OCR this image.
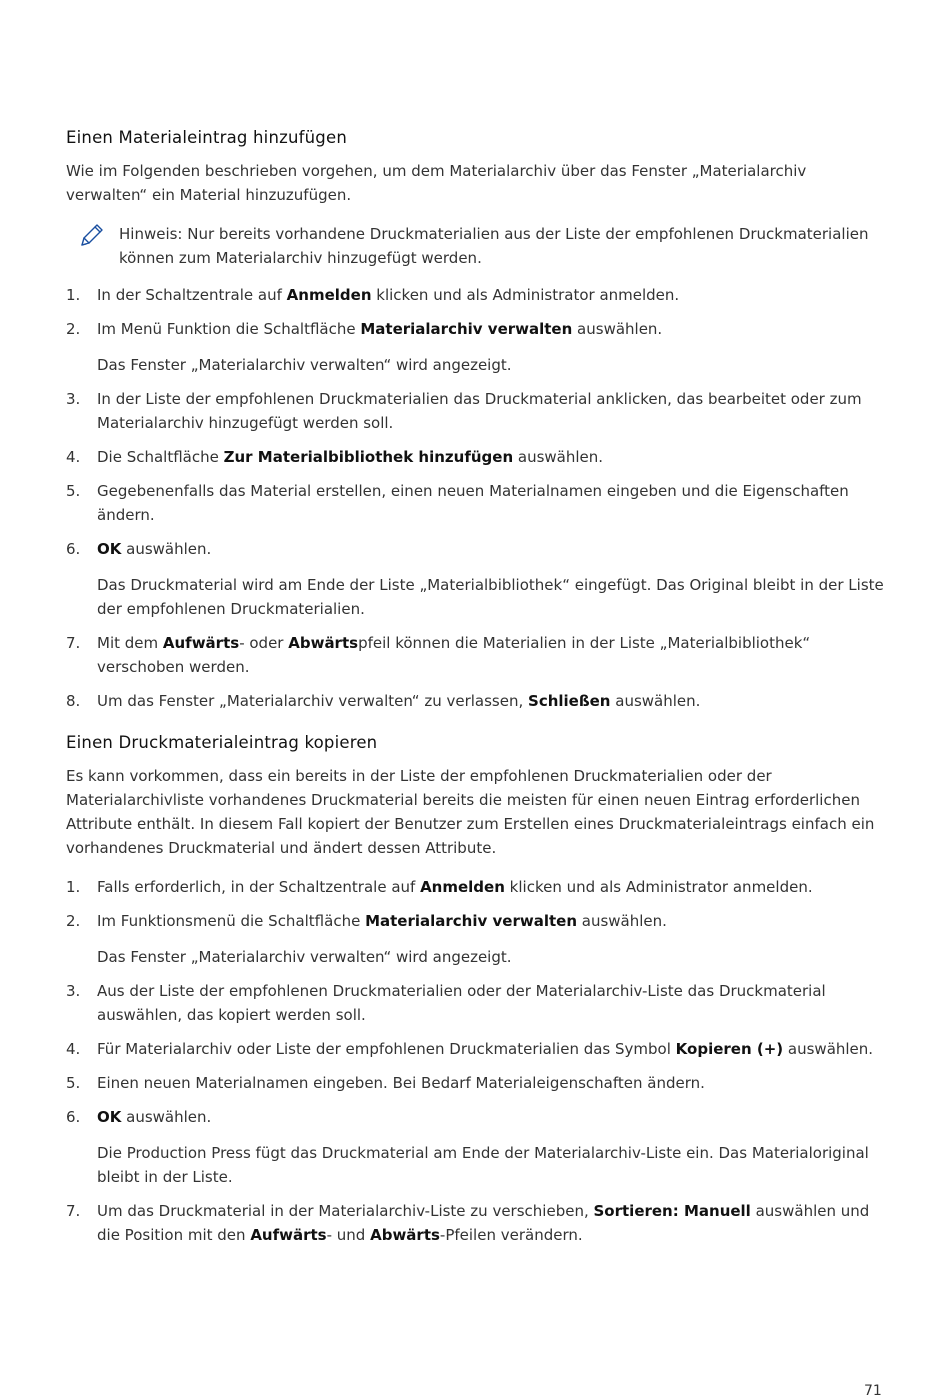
Einen Materialeintrag hinzufügen

Wie im Folgenden beschrieben vorgehen, um dem Materialarchiv über das Fenster „Materialarchiv verwalten“ ein Material hinzuzufügen.

Hinweis: Nur bereits vorhandene Druckmaterialien aus der Liste der empfohlenen Druckmaterialien können zum Materialarchiv hinzugefügt werden.

1. In der Schaltzentrale auf Anmelden klicken und als Administrator anmelden.
2. Im Menü Funktion die Schaltfläche Materialarchiv verwalten auswählen.

Das Fenster „Materialarchiv verwalten“ wird angezeigt.

3. In der Liste der empfohlenen Druckmaterialien das Druckmaterial anklicken, das bearbeitet oder zum Materialarchiv hinzugefügt werden soll.
4. Die Schaltfläche Zur Materialbibliothek hinzufügen auswählen.
5. Gegebenenfalls das Material erstellen, einen neuen Materialnamen eingeben und die Eigenschaften ändern.
6. OK auswählen.

Das Druckmaterial wird am Ende der Liste „Materialbibliothek“ eingefügt. Das Original bleibt in der Liste der empfohlenen Druckmaterialien.

7. Mit dem Aufwärts- oder Abwärtspfeil können die Materialien in der Liste „Materialbibliothek“ verschoben werden.
8. Um das Fenster „Materialarchiv verwalten“ zu verlassen, Schließen auswählen.
Einen Druckmaterialeintrag kopieren

Es kann vorkommen, dass ein bereits in der Liste der empfohlenen Druckmaterialien oder der Materialarchivliste vorhandenes Druckmaterial bereits die meisten für einen neuen Eintrag erforderlichen Attribute enthält. In diesem Fall kopiert der Benutzer zum Erstellen eines Druckmaterialeintrags einfach ein vorhandenes Druckmaterial und ändert dessen Attribute.

1. Falls erforderlich, in der Schaltzentrale auf Anmelden klicken und als Administrator anmelden.
2. Im Funktionsmenü die Schaltfläche Materialarchiv verwalten auswählen.

Das Fenster „Materialarchiv verwalten“ wird angezeigt.

3. Aus der Liste der empfohlenen Druckmaterialien oder der Materialarchiv-Liste das Druckmaterial auswählen, das kopiert werden soll.
4. Für Materialarchiv oder Liste der empfohlenen Druckmaterialien das Symbol Kopieren (+) auswählen.
5. Einen neuen Materialnamen eingeben. Bei Bedarf Materialeigenschaften ändern.
6. OK auswählen.

Die Production Press fügt das Druckmaterial am Ende der Materialarchiv-Liste ein. Das Materialoriginal bleibt in der Liste.

7. Um das Druckmaterial in der Materialarchiv-Liste zu verschieben, Sortieren: Manuell auswählen und die Position mit den Aufwärts- und Abwärts-Pfeilen verändern.
71
